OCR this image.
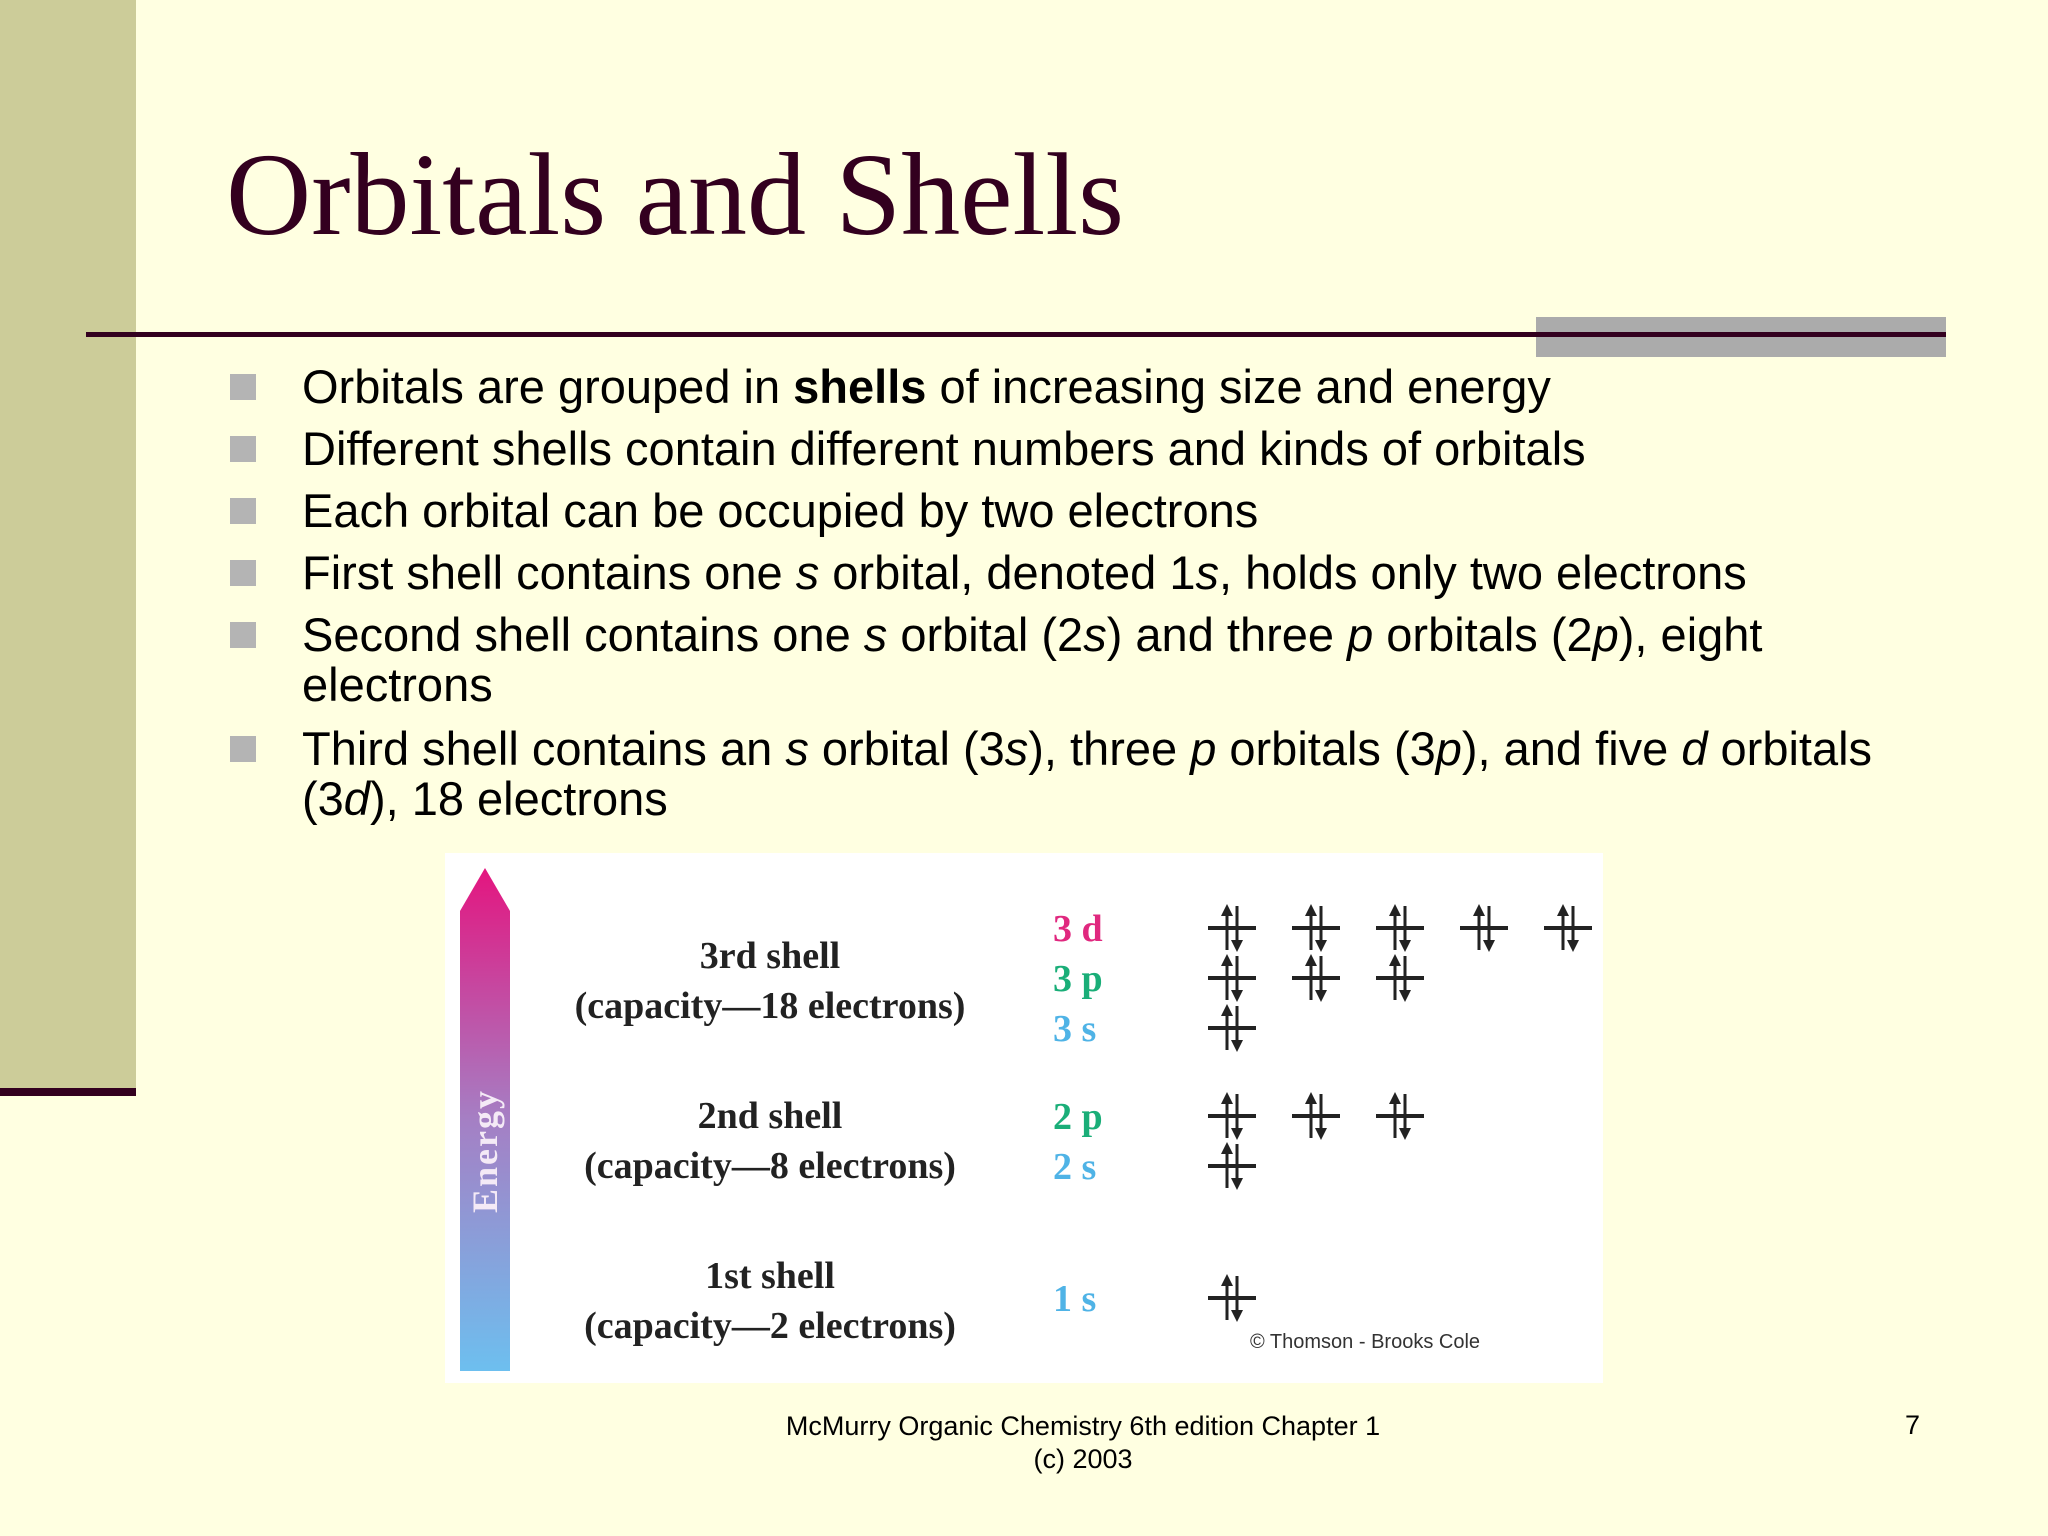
Orbitals and Shells
Orbitals are grouped in shells of increasing size and energy
Different shells contain different numbers and kinds of orbitals
Each orbital can be occupied by two electrons
First shell contains one s orbital, denoted 1s, holds only two electrons
Second shell contains one s orbital (2s) and three p orbitals (2p), eight electrons
Third shell contains an s orbital (3s), three p orbitals (3p), and five d orbitals (3d), 18 electrons
Energy
3rd shell
(capacity—18 electrons)
2nd shell
(capacity—8 electrons)
1st shell
(capacity—2 electrons)
3 d
3 p
3 s
2 p
2 s
1 s
© Thomson - Brooks Cole
McMurry Organic Chemistry 6th edition Chapter 1
(c) 2003
7
